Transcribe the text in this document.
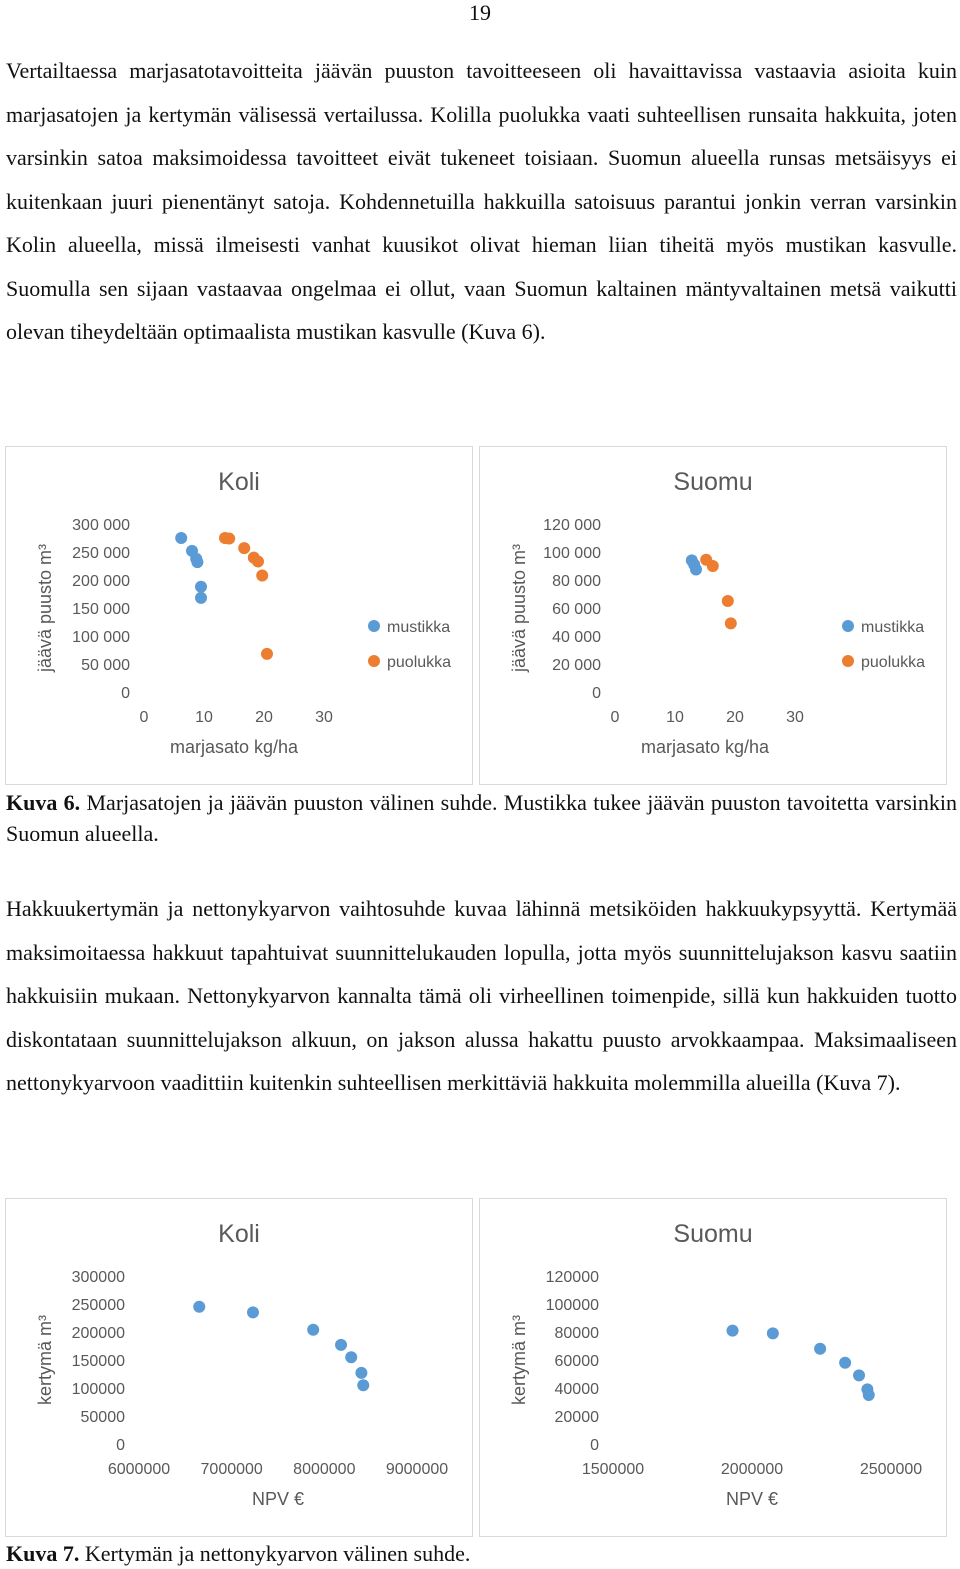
19

Vertailtaessa marjasatotavoitteita jäävän puuston tavoitteeseen oli havaittavissa vastaavia asioita kuin marjasatojen ja kertymän välisessä vertailussa. Kolilla puolukka vaati suhteellisen runsaita hakkuita, joten varsinkin satoa maksimoidessa tavoitteet eivät tukeneet toisiaan. Suomun alueella runsas metsäisyys ei kuitenkaan juuri pienentänyt satoja. Kohdennetuilla hakkuilla satoisuus parantui jonkin verran varsinkin Kolin alueella, missä ilmeisesti vanhat kuusikot olivat hieman liian tiheitä myös mustikan kasvulle. Suomulla sen sijaan vastaavaa ongelmaa ei ollut, vaan Suomun kaltainen mäntyvaltainen metsä vaikutti olevan tiheydeltään optimaalista mustikan kasvulle (Kuva 6).

Koli
0
50 000
100 000
150 000
200 000
250 000
300 000
0	10	20	30
marjasato kg/ha
jäävä puusto m³	mustikka
puolukka
Suomu
0
20 000
40 000
60 000
80 000
100 000
120 000
0	10	20	30
marjasato kg/ha
jäävä puusto m³	mustikka
puolukka

Kuva 6. Marjasatojen ja jäävän puuston välinen suhde. Mustikka tukee jäävän puuston tavoitetta varsinkin Suomun alueella.

Hakkuukertymän ja nettonykyarvon vaihtosuhde kuvaa lähinnä metsiköiden hakkuukypsyyttä. Kertymää maksimoitaessa hakkuut tapahtuivat suunnittelukauden lopulla, jotta myös suunnittelujakson kasvu saatiin hakkuisiin mukaan. Nettonykyarvon kannalta tämä oli virheellinen toimenpide, sillä kun hakkuiden tuotto diskontataan suunnittelujakson alkuun, on jakson alussa hakattu puusto arvokkaampaa. Maksimaaliseen nettonykyarvoon vaadittiin kuitenkin suhteellisen merkittäviä hakkuita molemmilla alueilla (Kuva 7).

Koli
0
50000
100000
150000
200000
250000
300000
6000000 7000000 8000000 9000000
NPV €
kertymä m³
Suomu
0
20000
40000
60000
80000
100000
120000
1500000	2000000	2500000
NPV €
kertymä m³

Kuva 7. Kertymän ja nettonykyarvon välinen suhde.
